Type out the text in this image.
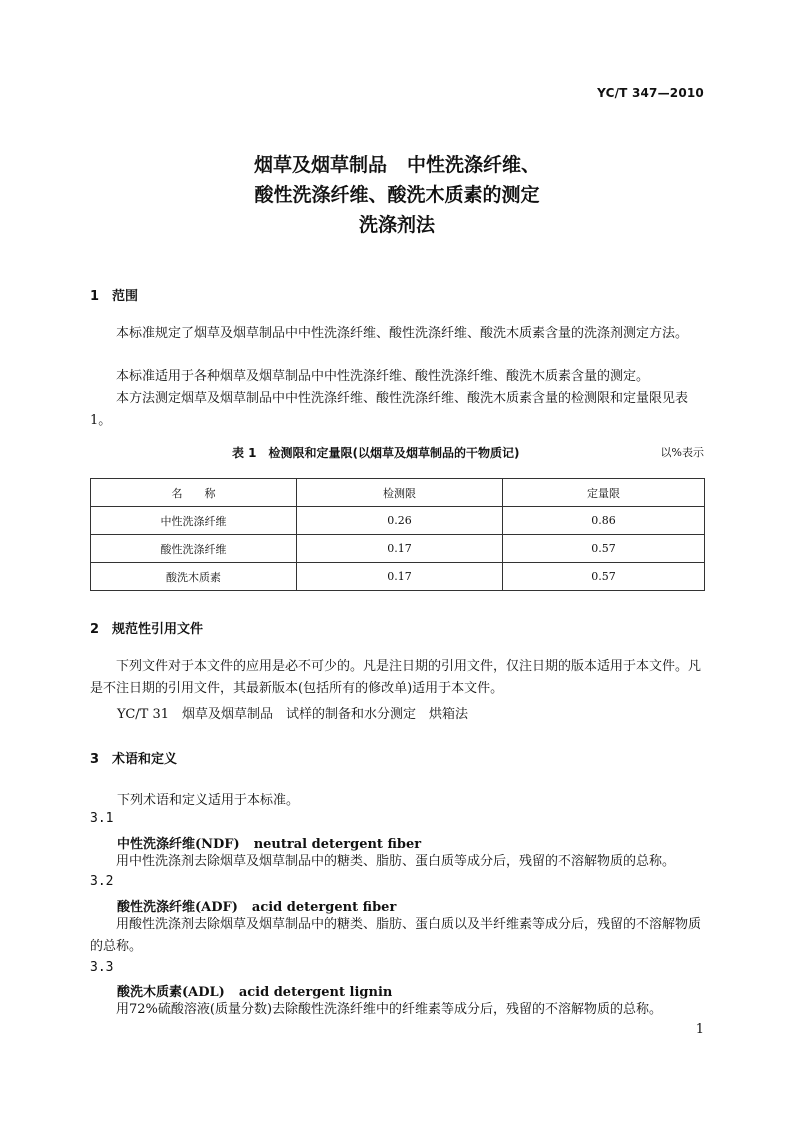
YC/T 347—2010
烟草及烟草制品 中性洗涤纤维、
酸性洗涤纤维、酸洗木质素的测定
洗涤剂法
1 范围
本标准规定了烟草及烟草制品中中性洗涤纤维、酸性洗涤纤维、酸洗木质素含量的洗涤剂测定方法。
本标准适用于各种烟草及烟草制品中中性洗涤纤维、酸性洗涤纤维、酸洗木质素含量的测定。
本方法测定烟草及烟草制品中中性洗涤纤维、酸性洗涤纤维、酸洗木质素含量的检测限和定量限见表1。
表 1　检测限和定量限(以烟草及烟草制品的干物质记)	以%表示
名　　称	检测限	定量限
中性洗涤纤维	0.26	0.86
酸性洗涤纤维	0.17	0.57
酸洗木质素	0.17	0.57
2 规范性引用文件
下列文件对于本文件的应用是必不可少的。凡是注日期的引用文件，仅注日期的版本适用于本文件。凡是不注日期的引用文件，其最新版本(包括所有的修改单)适用于本文件。
YC/T 31　烟草及烟草制品　试样的制备和水分测定　烘箱法
3 术语和定义
下列术语和定义适用于本标准。
3.1
中性洗涤纤维(NDF) neutral detergent fiber
用中性洗涤剂去除烟草及烟草制品中的糖类、脂肪、蛋白质等成分后，残留的不溶解物质的总称。
3.2
酸性洗涤纤维(ADF) acid detergent fiber
用酸性洗涤剂去除烟草及烟草制品中的糖类、脂肪、蛋白质以及半纤维素等成分后，残留的不溶解物质的总称。
3.3
酸洗木质素(ADL) acid detergent lignin
用72%硫酸溶液(质量分数)去除酸性洗涤纤维中的纤维素等成分后，残留的不溶解物质的总称。
1
